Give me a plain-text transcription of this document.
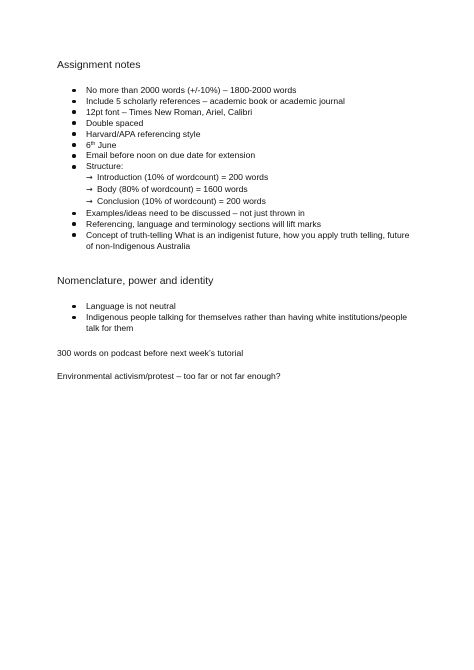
Assignment notes
No more than 2000 words (+/-10%) – 1800-2000 words
Include 5 scholarly references – academic book or academic journal
12pt font – Times New Roman, Ariel, Calibri
Double spaced
Harvard/APA referencing style
6th June
Email before noon on due date for extension
Structure:
→ Introduction (10% of wordcount) = 200 words
→ Body (80% of wordcount) = 1600 words
→ Conclusion (10% of wordcount) = 200 words
Examples/ideas need to be discussed – not just thrown in
Referencing, language and terminology sections will lift marks
Concept of truth-telling What is an indigenist future, how you apply truth telling, future of non-Indigenous Australia
Nomenclature, power and identity
Language is not neutral
Indigenous people talking for themselves rather than having white institutions/people talk for them
300 words on podcast before next week’s tutorial
Environmental activism/protest – too far or not far enough?
